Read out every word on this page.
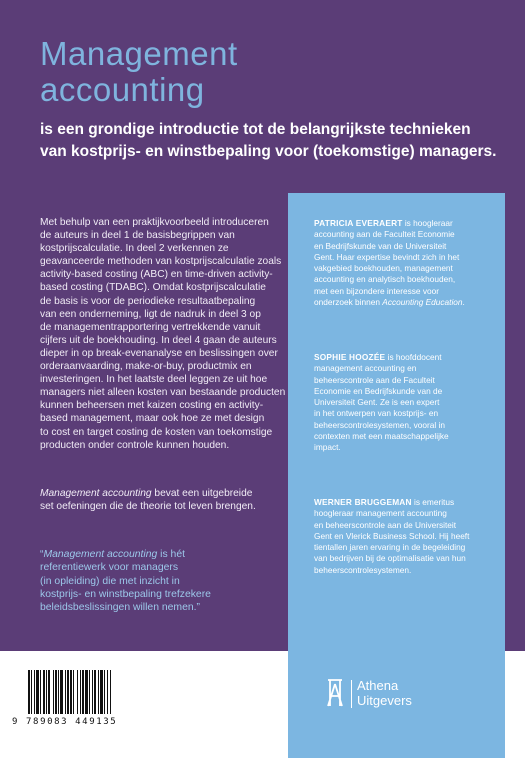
Management
accounting
is een grondige introductie tot de belangrijkste technieken
van kostprijs- en winstbepaling voor (toekomstige) managers.
Met behulp van een praktijkvoorbeeld introduceren
de auteurs in deel 1 de basisbegrippen van
kostprijscalculatie. In deel 2 verkennen ze
geavanceerde methoden van kostprijscalculatie zoals
activity-based costing (ABC) en time-driven activity-
based costing (TDABC). Omdat kostprijscalculatie
de basis is voor de periodieke resultaatbepaling
van een onderneming, ligt de nadruk in deel 3 op
de managementrapportering vertrekkende vanuit
cijfers uit de boekhouding. In deel 4 gaan de auteurs
dieper in op break-evenanalyse en beslissingen over
orderaanvaarding, make-or-buy, productmix en
investeringen. In het laatste deel leggen ze uit hoe
managers niet alleen kosten van bestaande producten
kunnen beheersen met kaizen costing en activity-
based management, maar ook hoe ze met design
to cost en target costing de kosten van toekomstige
producten onder controle kunnen houden.
Management accounting bevat een uitgebreide
set oefeningen die de theorie tot leven brengen.
“Management accounting is hét
referentiewerk voor managers
(in opleiding) die met inzicht in
kostprijs- en winstbepaling trefzekere
beleidsbeslissingen willen nemen.”
PATRICIA EVERAERT is hoogleraar
accounting aan de Faculteit Economie
en Bedrijfskunde van de Universiteit
Gent. Haar expertise bevindt zich in het
vakgebied boekhouden, management
accounting en analytisch boekhouden,
met een bijzondere interesse voor
onderzoek binnen Accounting Education.
SOPHIE HOOZÉE is hoofddocent
management accounting en
beheerscontrole aan de Faculteit
Economie en Bedrijfskunde van de
Universiteit Gent. Ze is een expert
in het ontwerpen van kostprijs- en
beheerscontrolesystemen, vooral in
contexten met een maatschappelijke
impact.
WERNER BRUGGEMAN is emeritus
hoogleraar management accounting
en beheerscontrole aan de Universiteit
Gent en Vlerick Business School. Hij heeft
tientallen jaren ervaring in de begeleiding
van bedrijven bij de optimalisatie van hun
beheerscontrolesystemen.
Athena
Uitgevers
9 789083 449135
